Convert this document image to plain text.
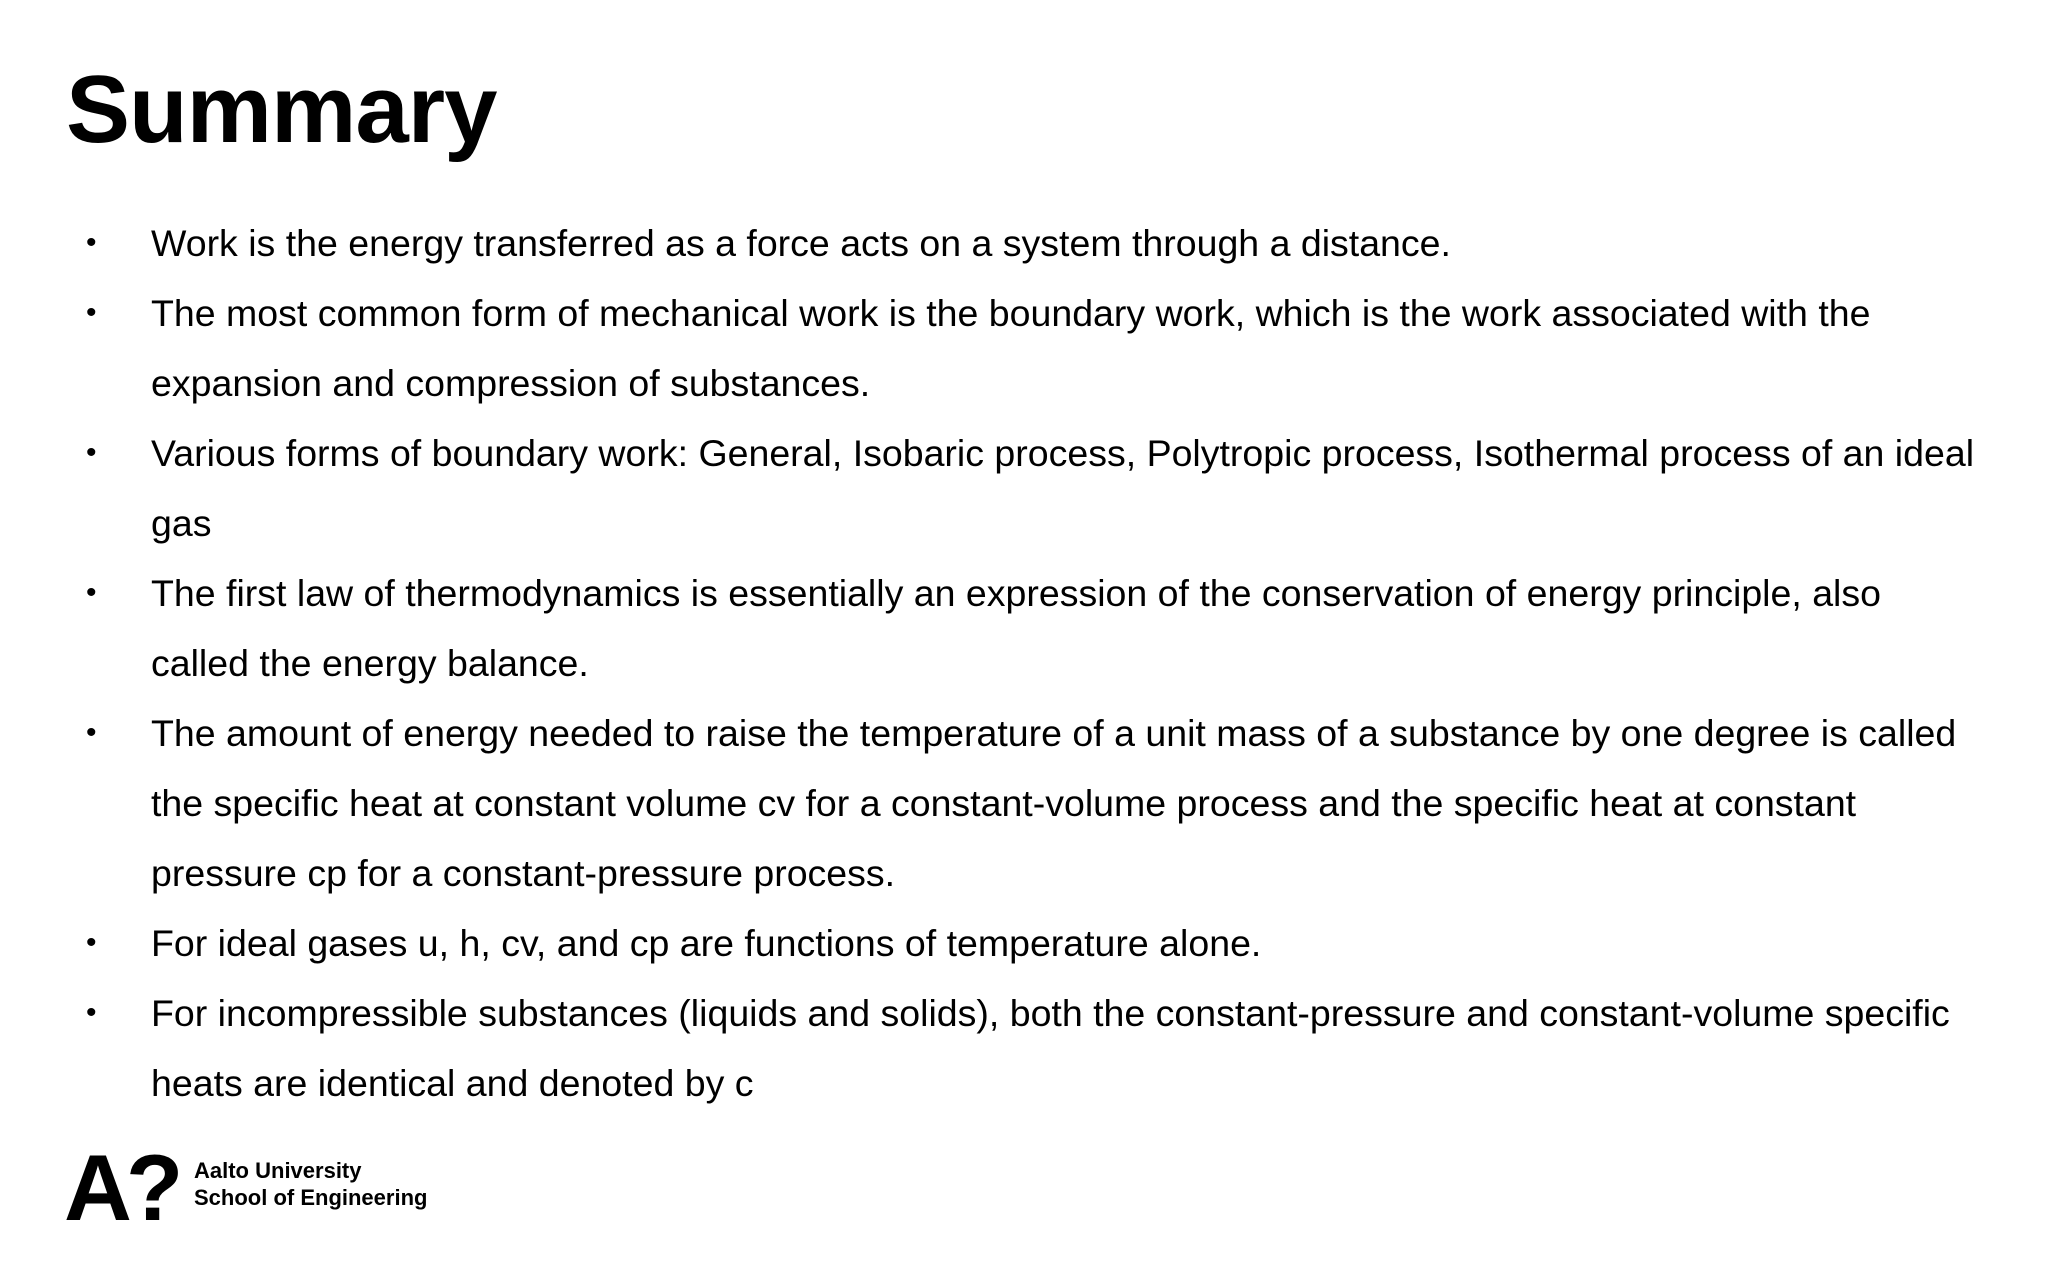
Summary
• Work is the energy transferred as a force acts on a system through a distance.
• The most common form of mechanical work is the boundary work, which is the work associated with the expansion and compression of substances.
• Various forms of boundary work: General, Isobaric process, Polytropic process, Isothermal process of an ideal gas
• The first law of thermodynamics is essentially an expression of the conservation of energy principle, also called the energy balance.
• The amount of energy needed to raise the temperature of a unit mass of a substance by one degree is called the specific heat at constant volume cv for a constant-volume process and the specific heat at constant pressure cp for a constant-pressure process.
• For ideal gases u, h, cv, and cp are functions of temperature alone.
• For incompressible substances (liquids and solids), both the constant-pressure and constant-volume specific heats are identical and denoted by c
A? Aalto University
School of Engineering
